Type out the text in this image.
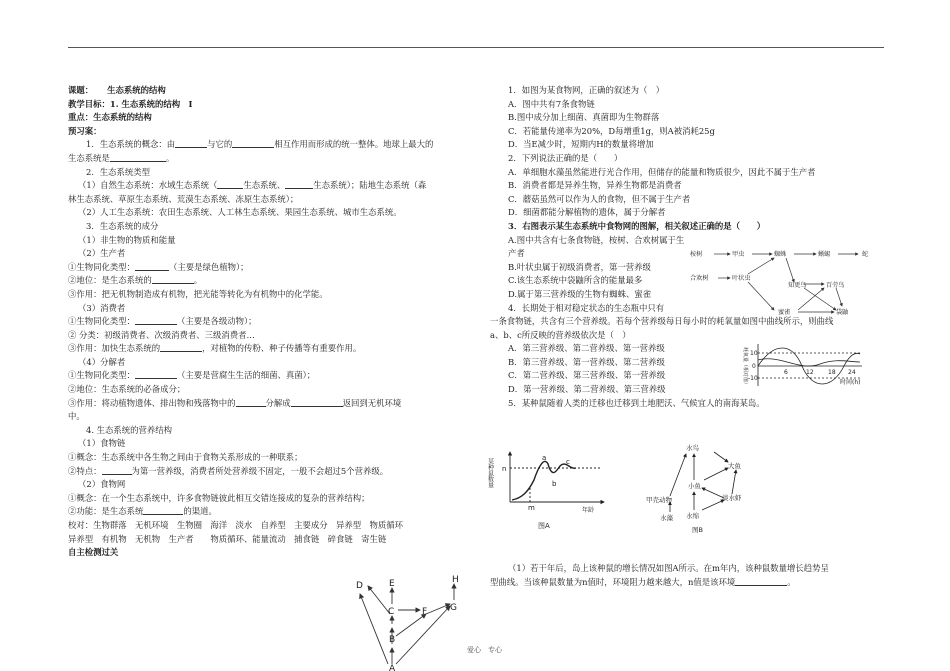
课题： 生态系统的结构
教学目标：1. 生态系统的结构　I
重点：生态系统的结构
预习案：
1．生态系统的概念：由	与它的	相互作用而形成的统一整体。地球上最大的
生态系统是	。
2．生态系统类型
（1）自然生态系统：水域生态系统（	生态系统、	生态系统）；陆地生态系统（森
林生态系统、草原生态系统、荒漠生态系统、冻原生态系统）；
（2）人工生态系统：农田生态系统、人工林生态系统、果园生态系统、城市生态系统。
3．生态系统的成分
（1）非生物的物质和能量
（2）生产者
①生物同化类型：	（主要是绿色植物）；
②地位：是生态系统的	。
③作用：把无机物制造成有机物，把光能等转化为有机物中的化学能。
（3）消费者
①生物同化类型：	（主要是各级动物）；
② 分类：初级消费者、次级消费者、三级消费者…
③作用：加快生态系统的	，对植物的传粉、种子传播等有重要作用。
（4）分解者
①生物同化类型：	（主要是营腐生生活的细菌、真菌）；
②地位：生态系统的必备成分；
③作用：将动植物遗体、排出物和残落物中的	分解成	返回到无机环境
中。
4. 生态系统的营养结构
（1）食物链
①概念：生态系统中各生物之间由于食物关系形成的一种联系；
②特点：	为第一营养级，消费者所处营养级不固定，一般不会超过5个营养级。
（2）食物网
①概念：在一个生态系统中，许多食物链彼此相互交错连接成的复杂的营养结构；
②功能：是生态系统	的渠道。
校对：生物群落　无机环境　生物圈　海洋　淡水　自养型　主要成分　异养型　物质循环
异养型　有机物　无机物　生产者　　物质循环、能量流动　捕食链　碎食链　寄生链
自主检测过关
H
D	E
C	F	G
B
A
1．如图为某食物网，正确的叙述为（　）
A．图中共有7条食物链
B.图中成分加上细菌、真菌即为生物群落
C．若能量传递率为20%，D每增重1g，则A被消耗25g
D．当E减少时，短期内H的数量将增加
2．下列说法正确的是（　　）
A．单细胞水藻虽然能进行光合作用，但储存的能量和物质很少，因此不属于生产者
B．消费者都是异养生物，异养生物都是消费者
C．蘑菇虽然可以作为人的食物，但不属于生产者
D．细菌都能分解植物的遗体，属于分解者
3．右图表示某生态系统中食物网的图解，相关叙述正确的是（　　）
A.图中共含有七条食物链，桉树、合欢树属于生产者
B.叶状虫属于初级消费者，第一营养级
C.该生态系统中袋鼬所含的能量最多
D.属于第三营养级的生物有蜘蛛、蜜雀
4．长期处于相对稳定状态的生态瓶中只有
一条食物链，共含有三个营养级。若每个营养级每日每小时的耗氧量如图中曲线所示，则曲线
a、b、c所反映的营养级依次是（　）
A．第三营养级、第二营养级、第一营养级
B．第三营养级、第一营养级、第二营养级
C．第二营养级、第三营养级、第一营养级
D．第一营养级、第二营养级、第三营养级
5．某种鼠随着人类的迁移也迁移到土地肥沃、气候宜人的南海某岛。
桉树	甲虫	蜘蛛	蜥蜴	蛇
合欢树	叶状虫
知更鸟	百劳鸟
蜜雀	袋鼬
耗氧量（相对值） 10
0
-10
6	12 18 24
时间(h)
某种鼠数量 n
m
a
b
c
年龄
图A
水鸟
大鱼
小鱼
淡水虾
甲壳动物
水藻 水绵
图B
（1）若干年后，岛上该种鼠的增长情况如图A所示。在m年内，该种鼠数量增长趋势呈
型曲线。当该种鼠数量为n值时，环境阻力越来越大，n值是该环境	。
爱心　专心
